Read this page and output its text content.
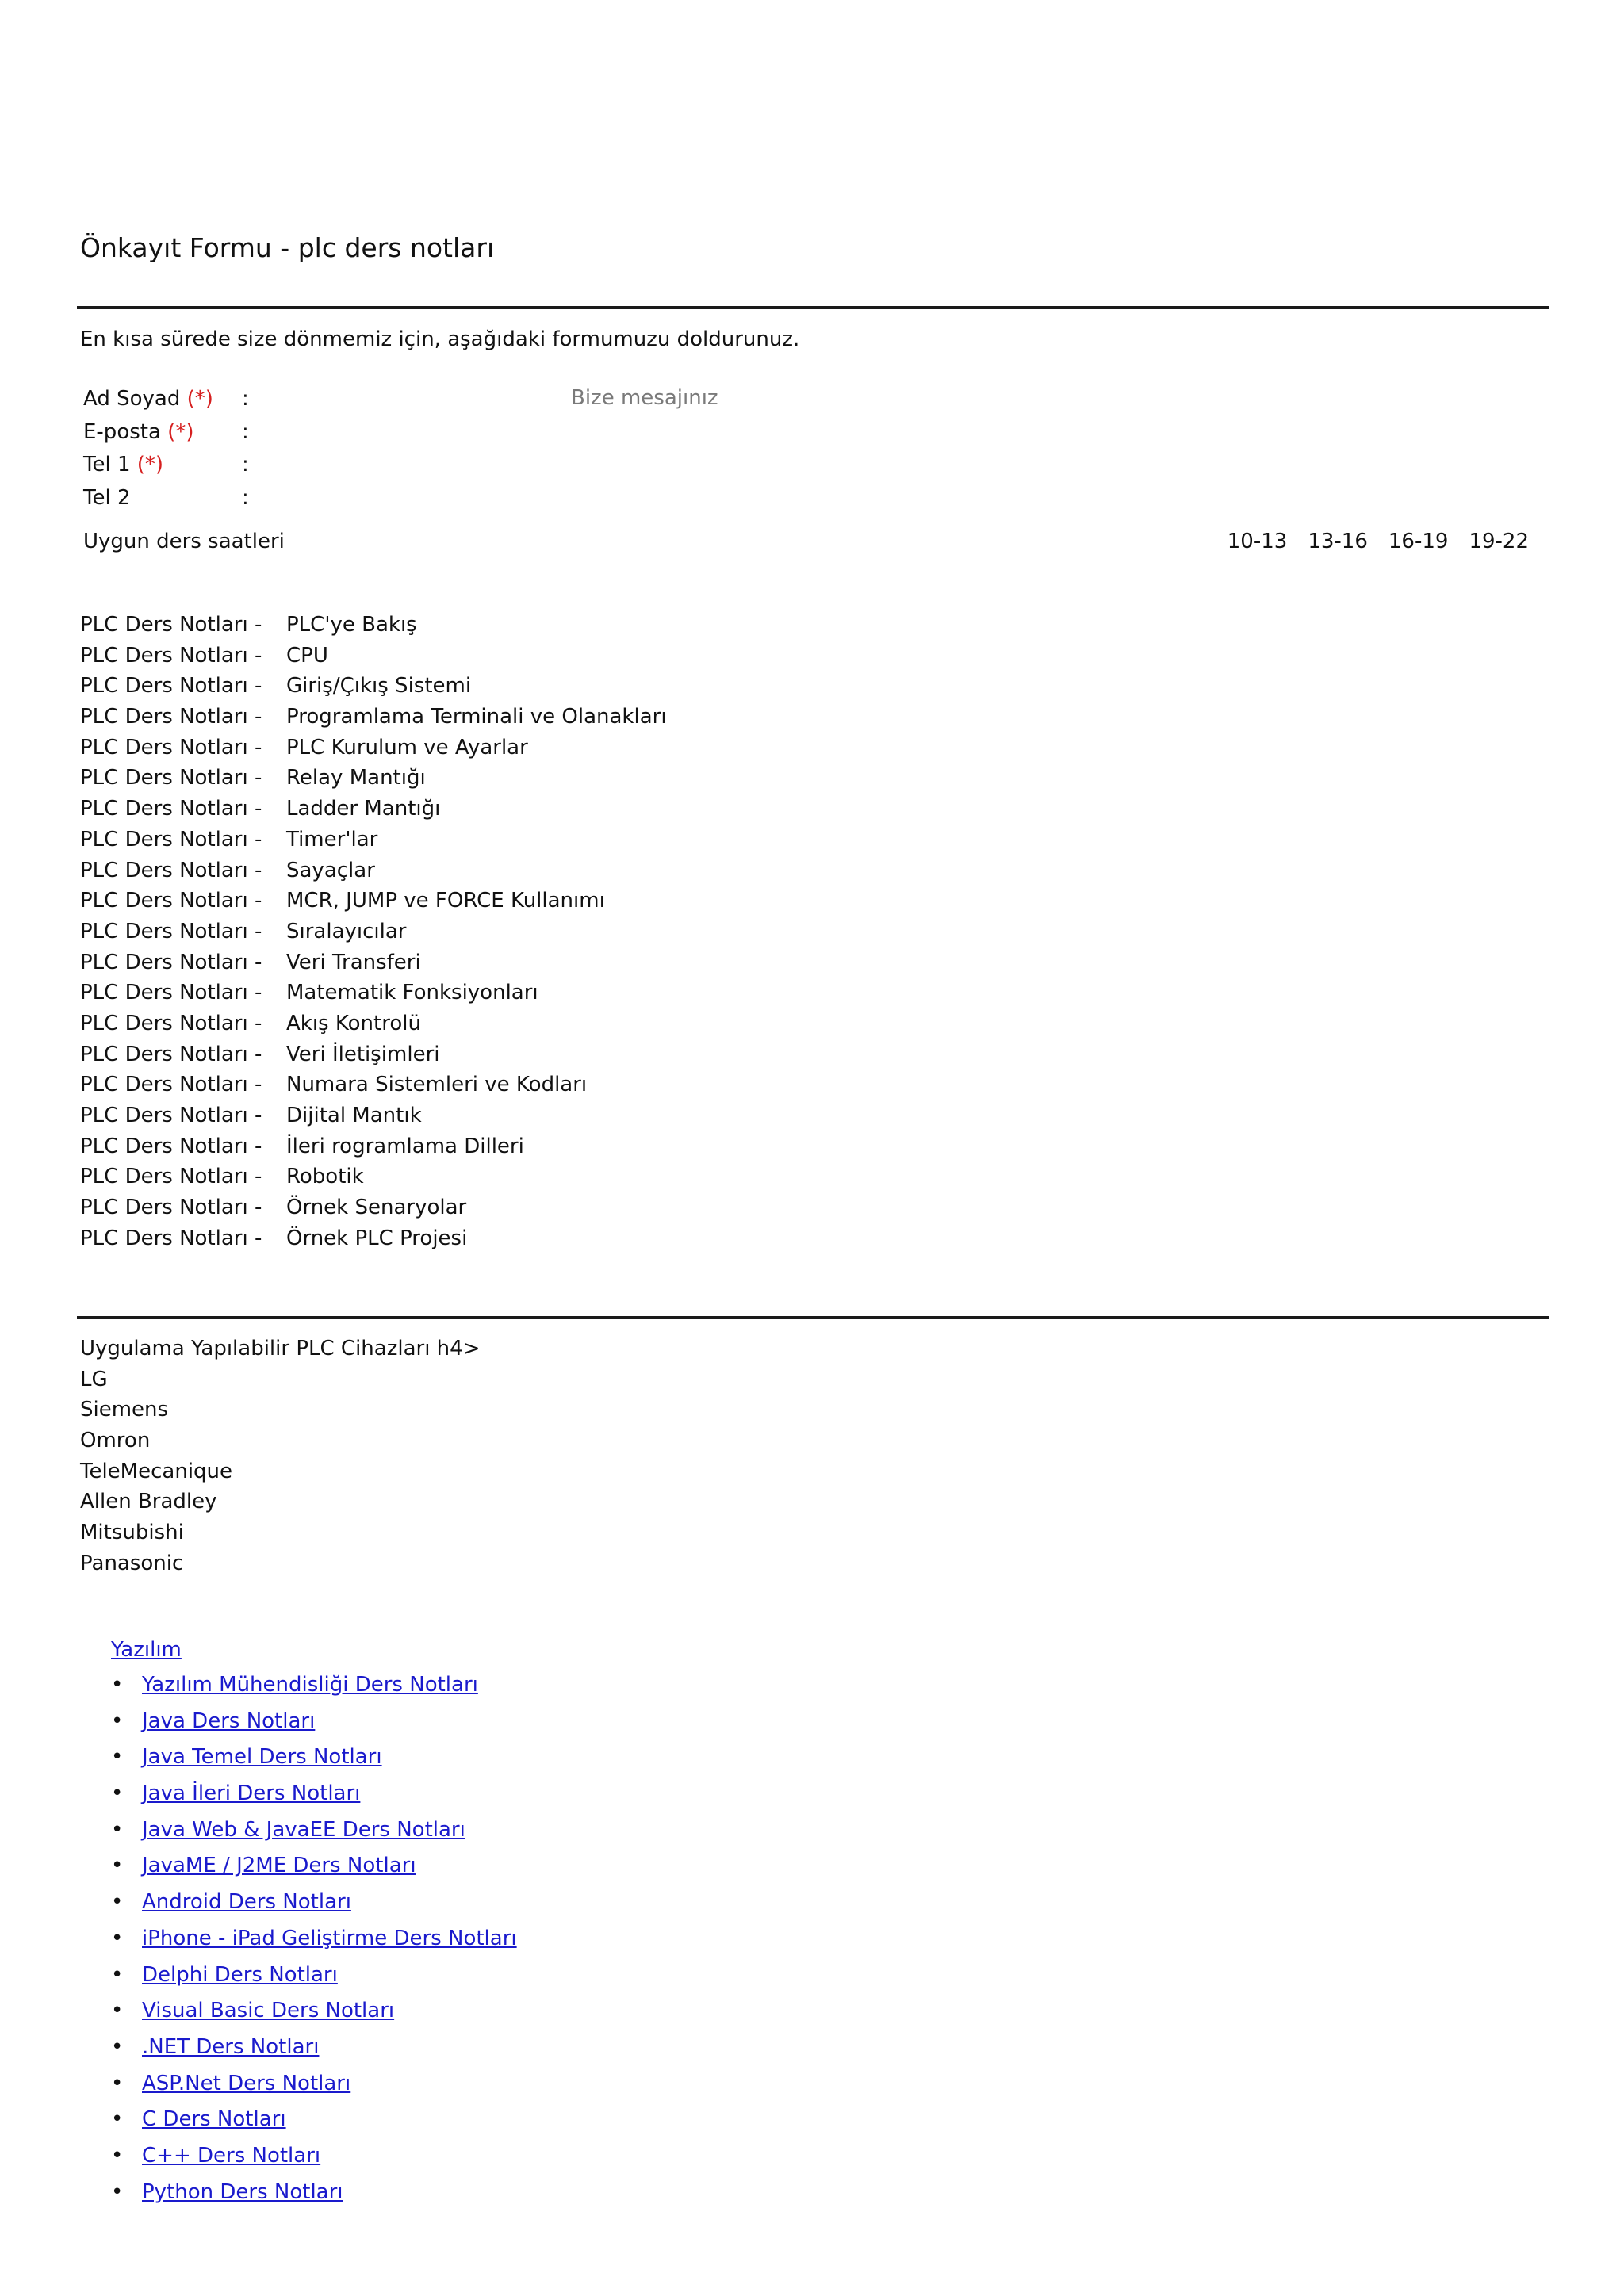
Önkayıt Formu - plc ders notları
En kısa sürede size dönmemiz için, aşağıdaki formumuzu doldurunuz.
Ad Soyad (*) :
E-posta (*) :
Tel 1 (*)	:
Tel 2	:
Bize mesajınız
Uygun ders saatleri	10-13 13-16 16-19 19-22
PLC Ders Notları -	PLC'ye Bakış
PLC Ders Notları -	CPU
PLC Ders Notları -	Giriş/Çıkış Sistemi
PLC Ders Notları -	Programlama Terminali ve Olanakları
PLC Ders Notları -	PLC Kurulum ve Ayarlar
PLC Ders Notları -	Relay Mantığı
PLC Ders Notları -	Ladder Mantığı
PLC Ders Notları -	Timer'lar
PLC Ders Notları -	Sayaçlar
PLC Ders Notları -	MCR, JUMP ve FORCE Kullanımı
PLC Ders Notları -	Sıralayıcılar
PLC Ders Notları -	Veri Transferi
PLC Ders Notları -	Matematik Fonksiyonları
PLC Ders Notları -	Akış Kontrolü
PLC Ders Notları -	Veri İletişimleri
PLC Ders Notları -	Numara Sistemleri ve Kodları
PLC Ders Notları -	Dijital Mantık
PLC Ders Notları -	İleri rogramlama Dilleri
PLC Ders Notları -	Robotik
PLC Ders Notları -	Örnek Senaryolar
PLC Ders Notları -	Örnek PLC Projesi
Uygulama Yapılabilir PLC Cihazları h4>
LG
Siemens
Omron
TeleMecanique
Allen Bradley
Mitsubishi
Panasonic
Yazılım
• Yazılım Mühendisliği Ders Notları
• Java Ders Notları
• Java Temel Ders Notları
• Java İleri Ders Notları
• Java Web & JavaEE Ders Notları
• JavaME / J2ME Ders Notları
• Android Ders Notları
• iPhone - iPad Geliştirme Ders Notları
• Delphi Ders Notları
• Visual Basic Ders Notları
• .NET Ders Notları
• ASP.Net Ders Notları
• C Ders Notları
• C++ Ders Notları
• Python Ders Notları
